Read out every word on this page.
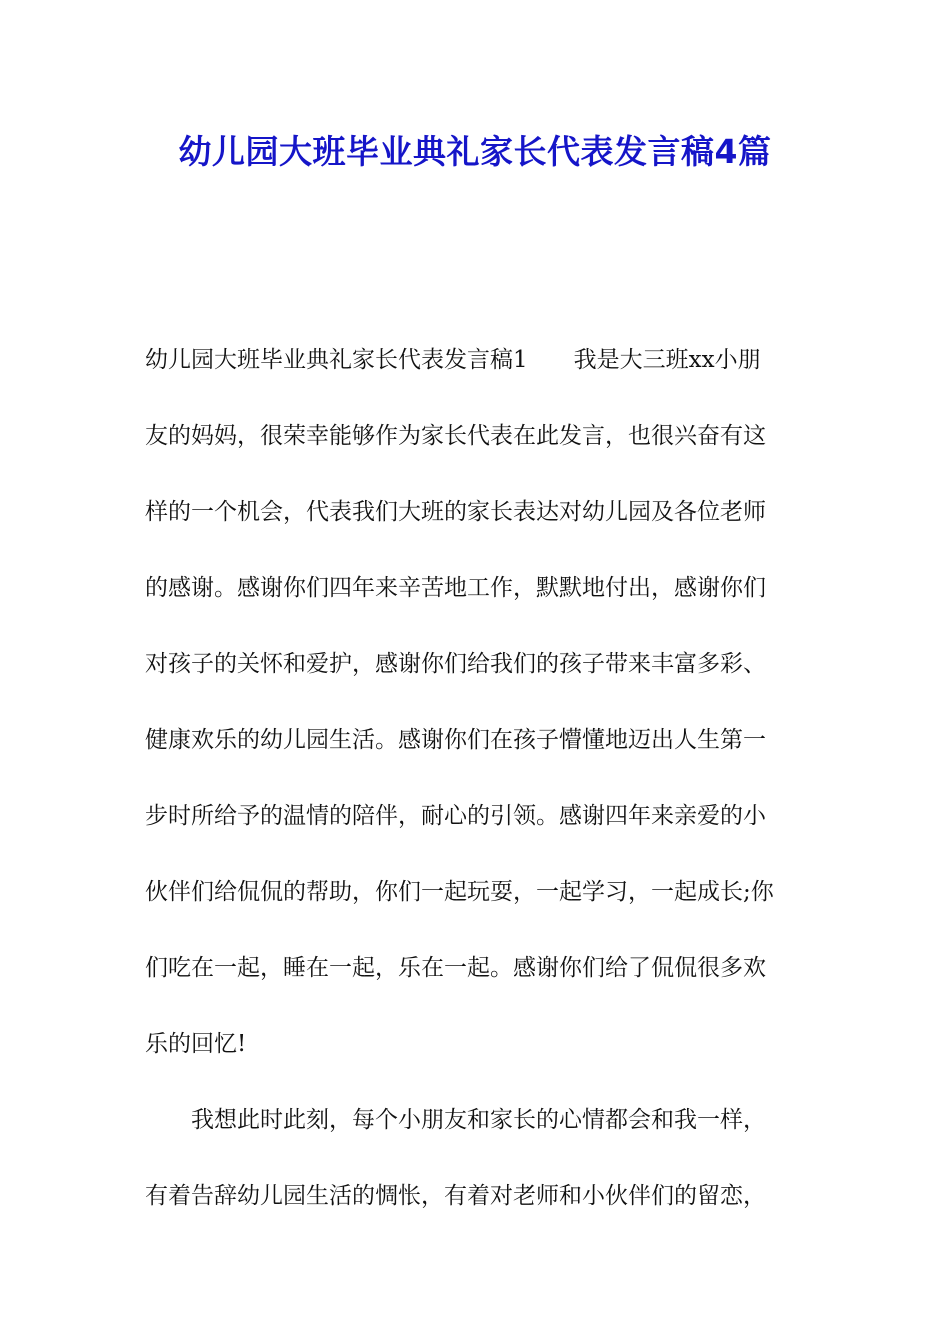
幼儿园大班毕业典礼家长代表发言稿4篇

幼儿园大班毕业典礼家长代表发言稿1　　我是大三班xx小朋

友的妈妈，很荣幸能够作为家长代表在此发言，也很兴奋有这

样的一个机会，代表我们大班的家长表达对幼儿园及各位老师

的感谢。感谢你们四年来辛苦地工作，默默地付出，感谢你们

对孩子的关怀和爱护，感谢你们给我们的孩子带来丰富多彩、

健康欢乐的幼儿园生活。感谢你们在孩子懵懂地迈出人生第一

步时所给予的温情的陪伴，耐心的引领。感谢四年来亲爱的小

伙伴们给侃侃的帮助，你们一起玩耍，一起学习，一起成长;你

们吃在一起，睡在一起，乐在一起。感谢你们给了侃侃很多欢

乐的回忆!

我想此时此刻，每个小朋友和家长的心情都会和我一样，

有着告辞幼儿园生活的惆怅，有着对老师和小伙伴们的留恋，
